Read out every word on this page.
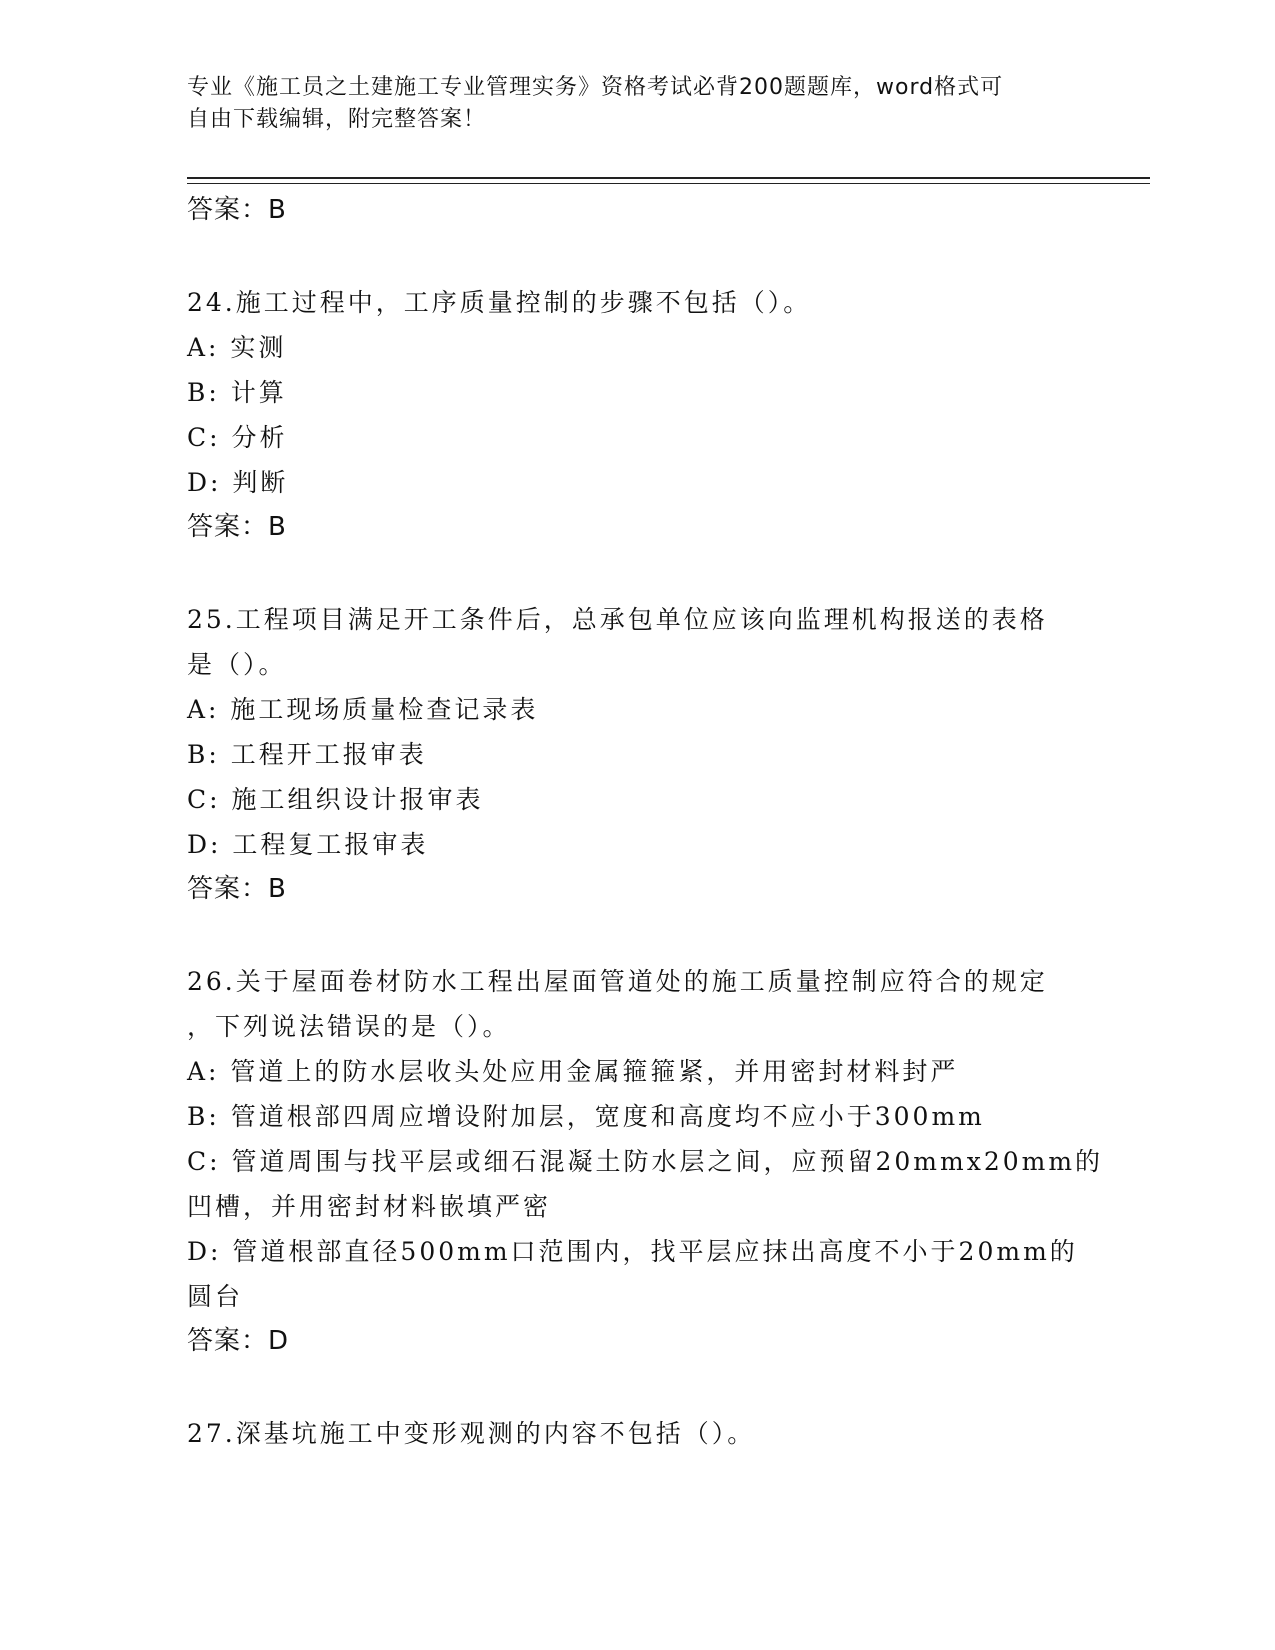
专业《施工员之土建施工专业管理实务》资格考试必背200题题库，word格式可
自由下载编辑，附完整答案！
答案：B
24.施工过程中，工序质量控制的步骤不包括（）。
A: 实测
B: 计算
C: 分析
D: 判断
答案：B
25.工程项目满足开工条件后，总承包单位应该向监理机构报送的表格
是（）。
A: 施工现场质量检查记录表
B: 工程开工报审表
C: 施工组织设计报审表
D: 工程复工报审表
答案：B
26.关于屋面卷材防水工程出屋面管道处的施工质量控制应符合的规定
，下列说法错误的是（）。
A: 管道上的防水层收头处应用金属箍箍紧，并用密封材料封严
B: 管道根部四周应增设附加层，宽度和高度均不应小于300mm
C: 管道周围与找平层或细石混凝土防水层之间，应预留20mmx20mm的
凹槽，并用密封材料嵌填严密
D: 管道根部直径500mm口范围内，找平层应抹出高度不小于20mm的
圆台
答案：D
27.深基坑施工中变形观测的内容不包括（）。
